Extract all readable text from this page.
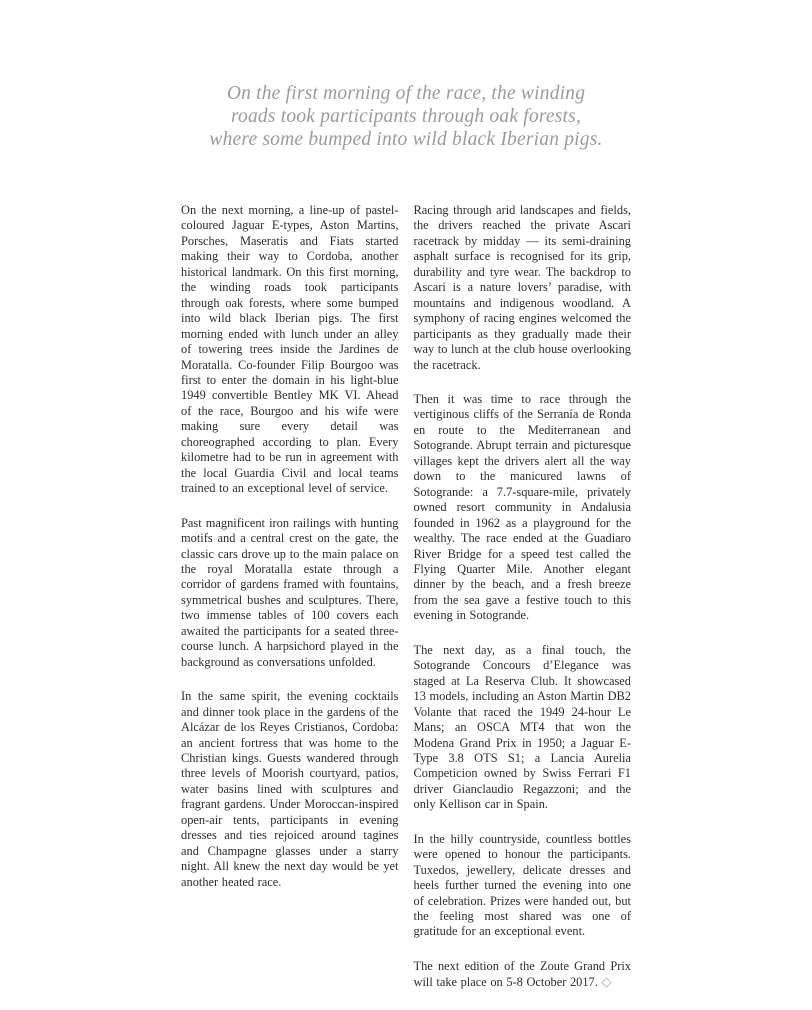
On the first morning of the race, the winding
roads took participants through oak forests,
where some bumped into wild black Iberian pigs.

On the next morning, a line-up of pastel-coloured Jaguar E-types, Aston Martins, Porsches, Maseratis and Fiats started making their way to Cordoba, another historical landmark. On this first morning, the winding roads took participants through oak forests, where some bumped into wild black Iberian pigs. The first morning ended with lunch under an alley of towering trees inside the Jardines de Moratalla. Co-founder Filip Bourgoo was first to enter the domain in his light-blue 1949 convertible Bentley MK VI. Ahead of the race, Bourgoo and his wife were making sure every detail was choreographed according to plan. Every kilometre had to be run in agreement with the local Guardia Civil and local teams trained to an exceptional level of service.

Past magnificent iron railings with hunting motifs and a central crest on the gate, the classic cars drove up to the main palace on the royal Moratalla estate through a corridor of gardens framed with fountains, symmetrical bushes and sculptures. There, two immense tables of 100 covers each awaited the participants for a seated three-course lunch. A harpsichord played in the background as conversations unfolded.

In the same spirit, the evening cocktails and dinner took place in the gardens of the Alcázar de los Reyes Cristianos, Cordoba: an ancient fortress that was home to the Christian kings. Guests wandered through three levels of Moorish courtyard, patios, water basins lined with sculptures and fragrant gardens. Under Moroccan-inspired open-air tents, participants in evening dresses and ties rejoiced around tagines and Champagne glasses under a starry night. All knew the next day would be yet another heated race.

Racing through arid landscapes and fields, the drivers reached the private Ascari racetrack by midday — its semi-draining asphalt surface is recognised for its grip, durability and tyre wear. The backdrop to Ascari is a nature lovers’ paradise, with mountains and indigenous woodland. A symphony of racing engines welcomed the participants as they gradually made their way to lunch at the club house overlooking the racetrack.

Then it was time to race through the vertiginous cliffs of the Serranía de Ronda en route to the Mediterranean and Sotogrande. Abrupt terrain and picturesque villages kept the drivers alert all the way down to the manicured lawns of Sotogrande: a 7.7-square-mile, privately owned resort community in Andalusia founded in 1962 as a playground for the wealthy. The race ended at the Guadiaro River Bridge for a speed test called the Flying Quarter Mile. Another elegant dinner by the beach, and a fresh breeze from the sea gave a festive touch to this evening in Sotogrande.

The next day, as a final touch, the Sotogrande Concours d’Elegance was staged at La Reserva Club. It showcased 13 models, including an Aston Martin DB2 Volante that raced the 1949 24-hour Le Mans; an OSCA MT4 that won the Modena Grand Prix in 1950; a Jaguar E-Type 3.8 OTS S1; a Lancia Aurelia Competicion owned by Swiss Ferrari F1 driver Gianclaudio Regazzoni; and the only Kellison car in Spain.

In the hilly countryside, countless bottles were opened to honour the participants. Tuxedos, jewellery, delicate dresses and heels further turned the evening into one of celebration. Prizes were handed out, but the feeling most shared was one of gratitude for an exceptional event.

The next edition of the Zoute Grand Prix will take place on 5-8 October 2017. ◇
